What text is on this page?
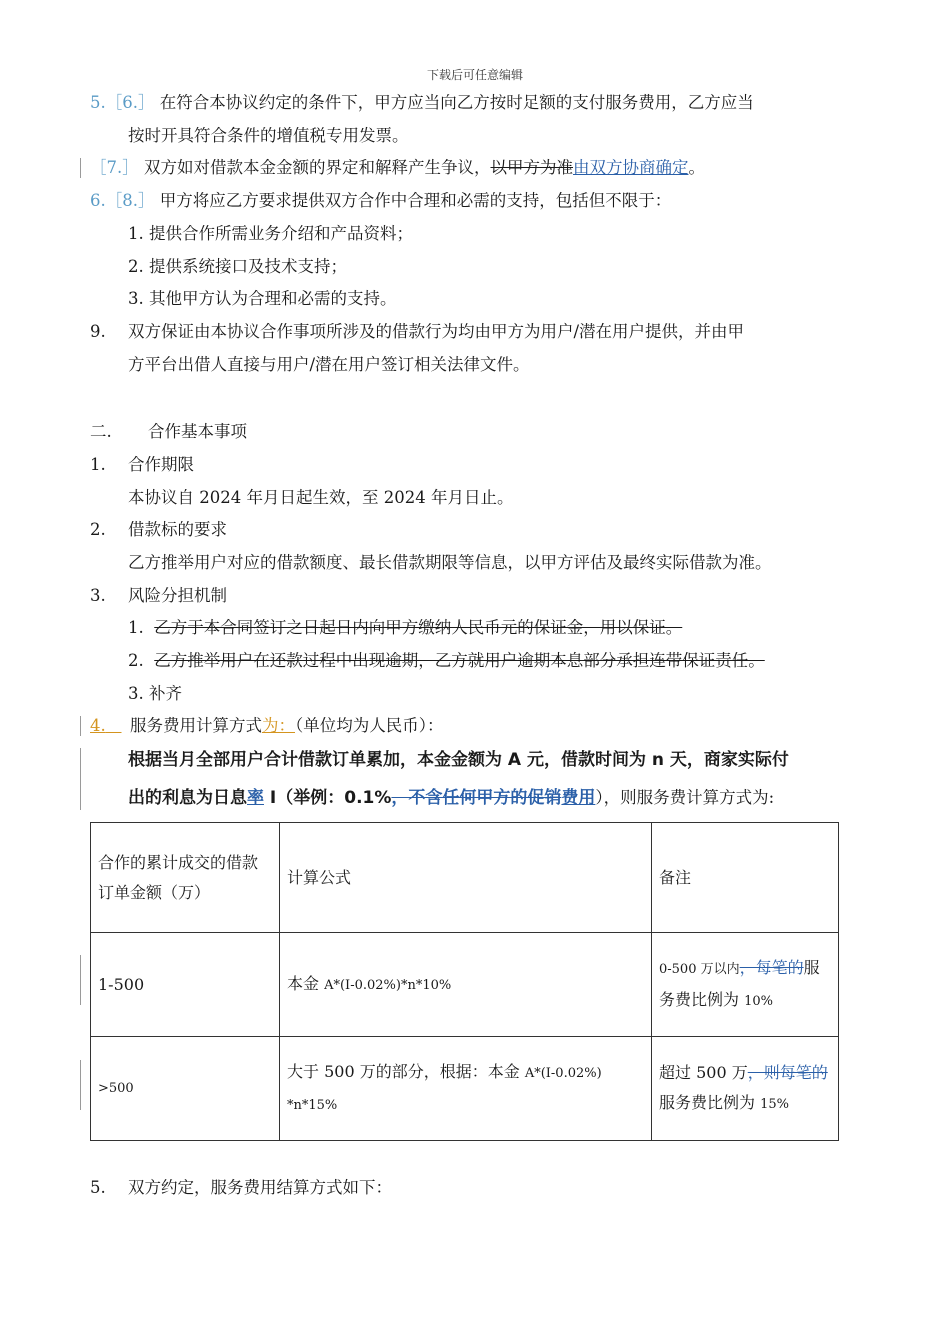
下载后可任意编辑
5.［6.］ 在符合本协议约定的条件下，甲方应当向乙方按时足额的支付服务费用，乙方应当
按时开具符合条件的增值税专用发票。
［7.］ 双方如对借款本金金额的界定和解释产生争议，以甲方为准由双方协商确定。
6.［8.］ 甲方将应乙方要求提供双方合作中合理和必需的支持，包括但不限于：
1. 提供合作所需业务介绍和产品资料；
2. 提供系统接口及技术支持；
3. 其他甲方认为合理和必需的支持。
9. 双方保证由本协议合作事项所涉及的借款行为均由甲方为用户/潜在用户提供，并由甲
方平台出借人直接与用户/潜在用户签订相关法律文件。
二. 合作基本事项
1. 合作期限
本协议自 2024 年月日起生效，至 2024 年月日止。
2. 借款标的要求
乙方推举用户对应的借款额度、最长借款期限等信息，以甲方评估及最终实际借款为准。
3. 风险分担机制
1. 乙方于本合同签订之日起日内向甲方缴纳人民币元的保证金，用以保证。
2. 乙方推举用户在还款过程中出现逾期，乙方就用户逾期本息部分承担连带保证责任。
3. 补齐
4.	服务费用计算方式为：（单位均为人民币）：
根据当月全部用户合计借款订单累加，本金金额为 A 元，借款时间为 n 天，商家实际付
出的利息为日息率 I（举例：0.1%，不含任何甲方的促销费用），则服务费计算方式为:
合作的累计成交的借款订单金额（万）	计算公式	备注
1-500	本金 A*(I-0.02%)*n*10%	0-500 万以内，每笔的服务费比例为 10%
>500	大于 500 万的部分，根据：本金 A*(I-0.02%)
*n*15%	超过 500 万，则每笔的服务费比例为 15%
5. 双方约定，服务费用结算方式如下：
